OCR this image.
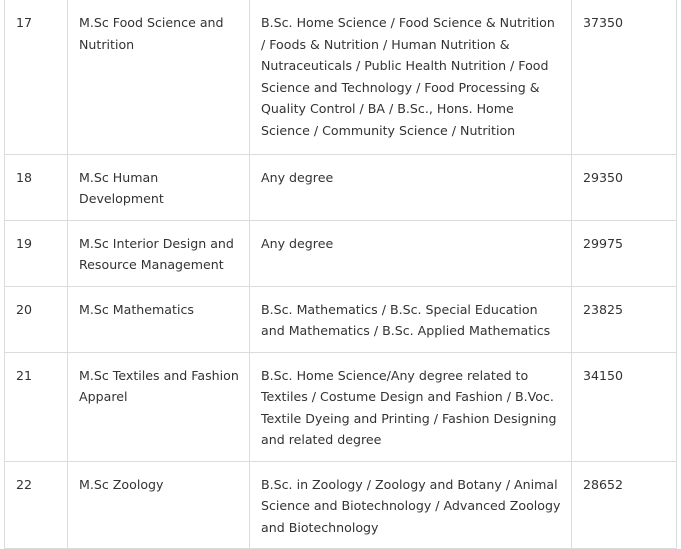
17	M.Sc Food Science and Nutrition	B.Sc. Home Science / Food Science & Nutrition / Foods & Nutrition / Human Nutrition & Nutraceuticals / Public Health Nutrition / Food Science and Technology / Food Processing & Quality Control / BA / B.Sc., Hons. Home Science / Community Science / Nutrition	37350
18	M.Sc Human Development	Any degree	29350
19	M.Sc Interior Design and Resource Management	Any degree	29975
20	M.Sc Mathematics	B.Sc. Mathematics / B.Sc. Special Education and Mathematics / B.Sc. Applied Mathematics	23825
21	M.Sc Textiles and Fashion Apparel	B.Sc. Home Science/Any degree related to Textiles / Costume Design and Fashion / B.Voc. Textile Dyeing and Printing / Fashion Designing and related degree	34150
22	M.Sc Zoology	B.Sc. in Zoology / Zoology and Botany / Animal Science and Biotechnology / Advanced Zoology and Biotechnology	28652
